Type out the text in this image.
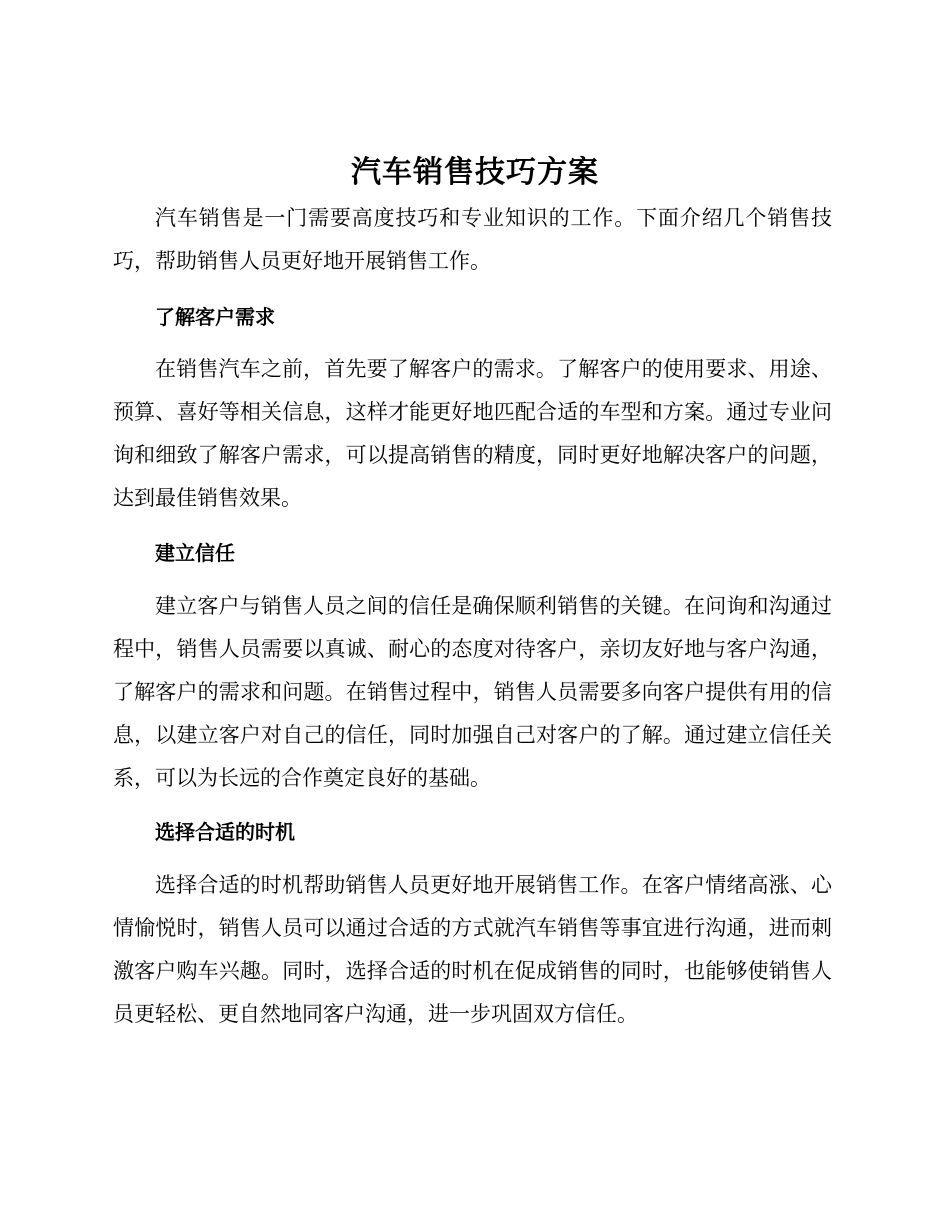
汽车销售技巧方案

汽车销售是一门需要高度技巧和专业知识的工作。下面介绍几个销售技巧，帮助销售人员更好地开展销售工作。

了解客户需求

在销售汽车之前，首先要了解客户的需求。了解客户的使用要求、用途、预算、喜好等相关信息，这样才能更好地匹配合适的车型和方案。通过专业问询和细致了解客户需求，可以提高销售的精度，同时更好地解决客户的问题，达到最佳销售效果。

建立信任

建立客户与销售人员之间的信任是确保顺利销售的关键。在问询和沟通过程中，销售人员需要以真诚、耐心的态度对待客户，亲切友好地与客户沟通，了解客户的需求和问题。在销售过程中，销售人员需要多向客户提供有用的信息，以建立客户对自己的信任，同时加强自己对客户的了解。通过建立信任关系，可以为长远的合作奠定良好的基础。

选择合适的时机

选择合适的时机帮助销售人员更好地开展销售工作。在客户情绪高涨、心情愉悦时，销售人员可以通过合适的方式就汽车销售等事宜进行沟通，进而刺激客户购车兴趣。同时，选择合适的时机在促成销售的同时，也能够使销售人员更轻松、更自然地同客户沟通，进一步巩固双方信任。
